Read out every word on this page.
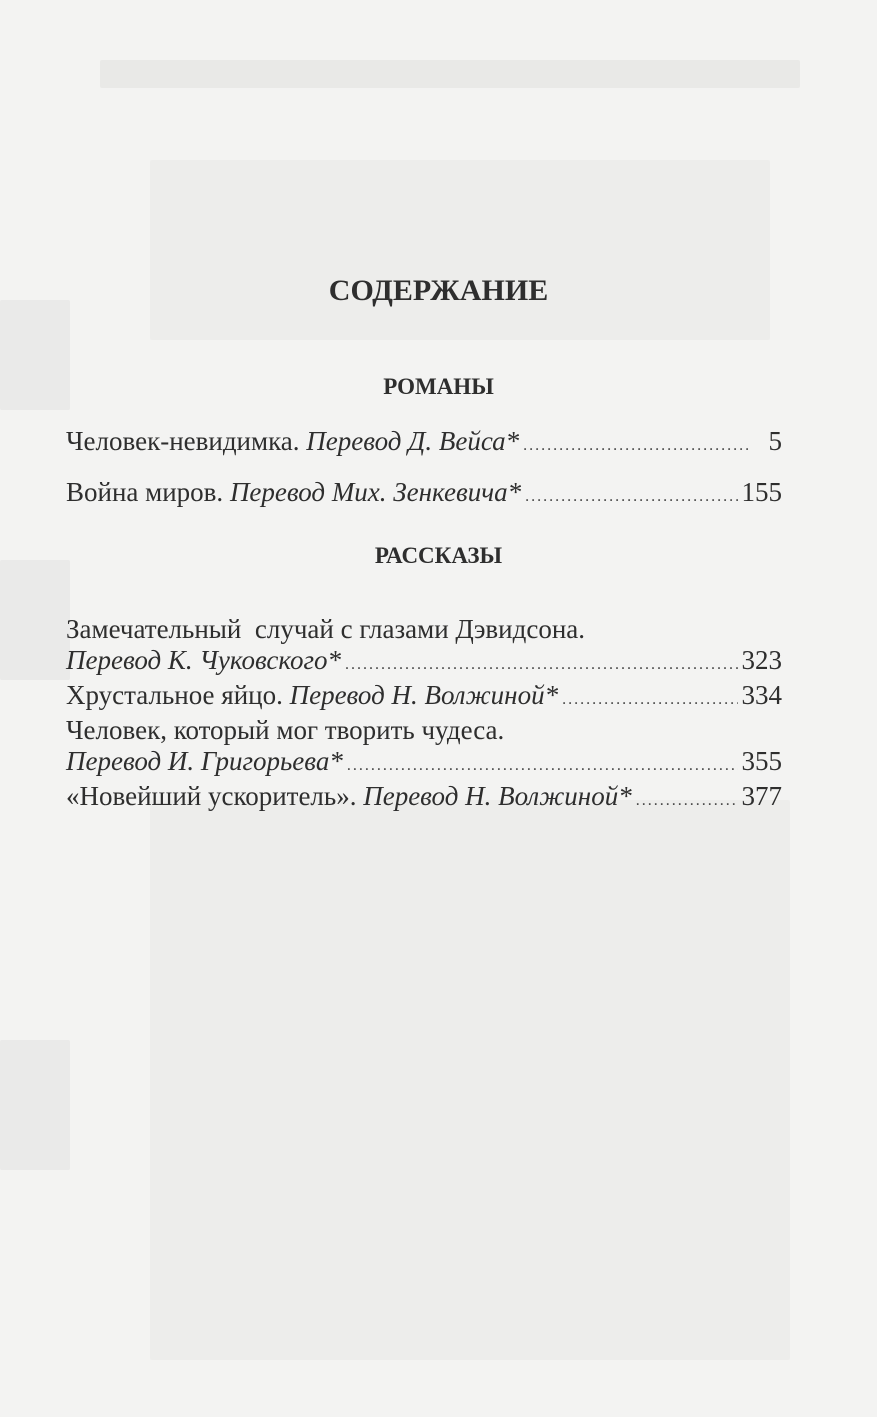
СОДЕРЖАНИЕ
РОМАНЫ
Человек-невидимка.
Перевод Д. Вейса* . . .	5
Война миров.
Перевод Мих. Зенкевича* . . .	155
РАССКАЗЫ
Замечательный  случай с глазами Дэвидсона.
Перевод К. Чуковского* . . .	323
Хрустальное яйцо.
Перевод Н. Волжиной* . . .	334
Человек, который мог творить чудеса.
Перевод И. Григорьева* . . .	355
«Новейший ускоритель».
Перевод Н. Волжиной* . . .	377
